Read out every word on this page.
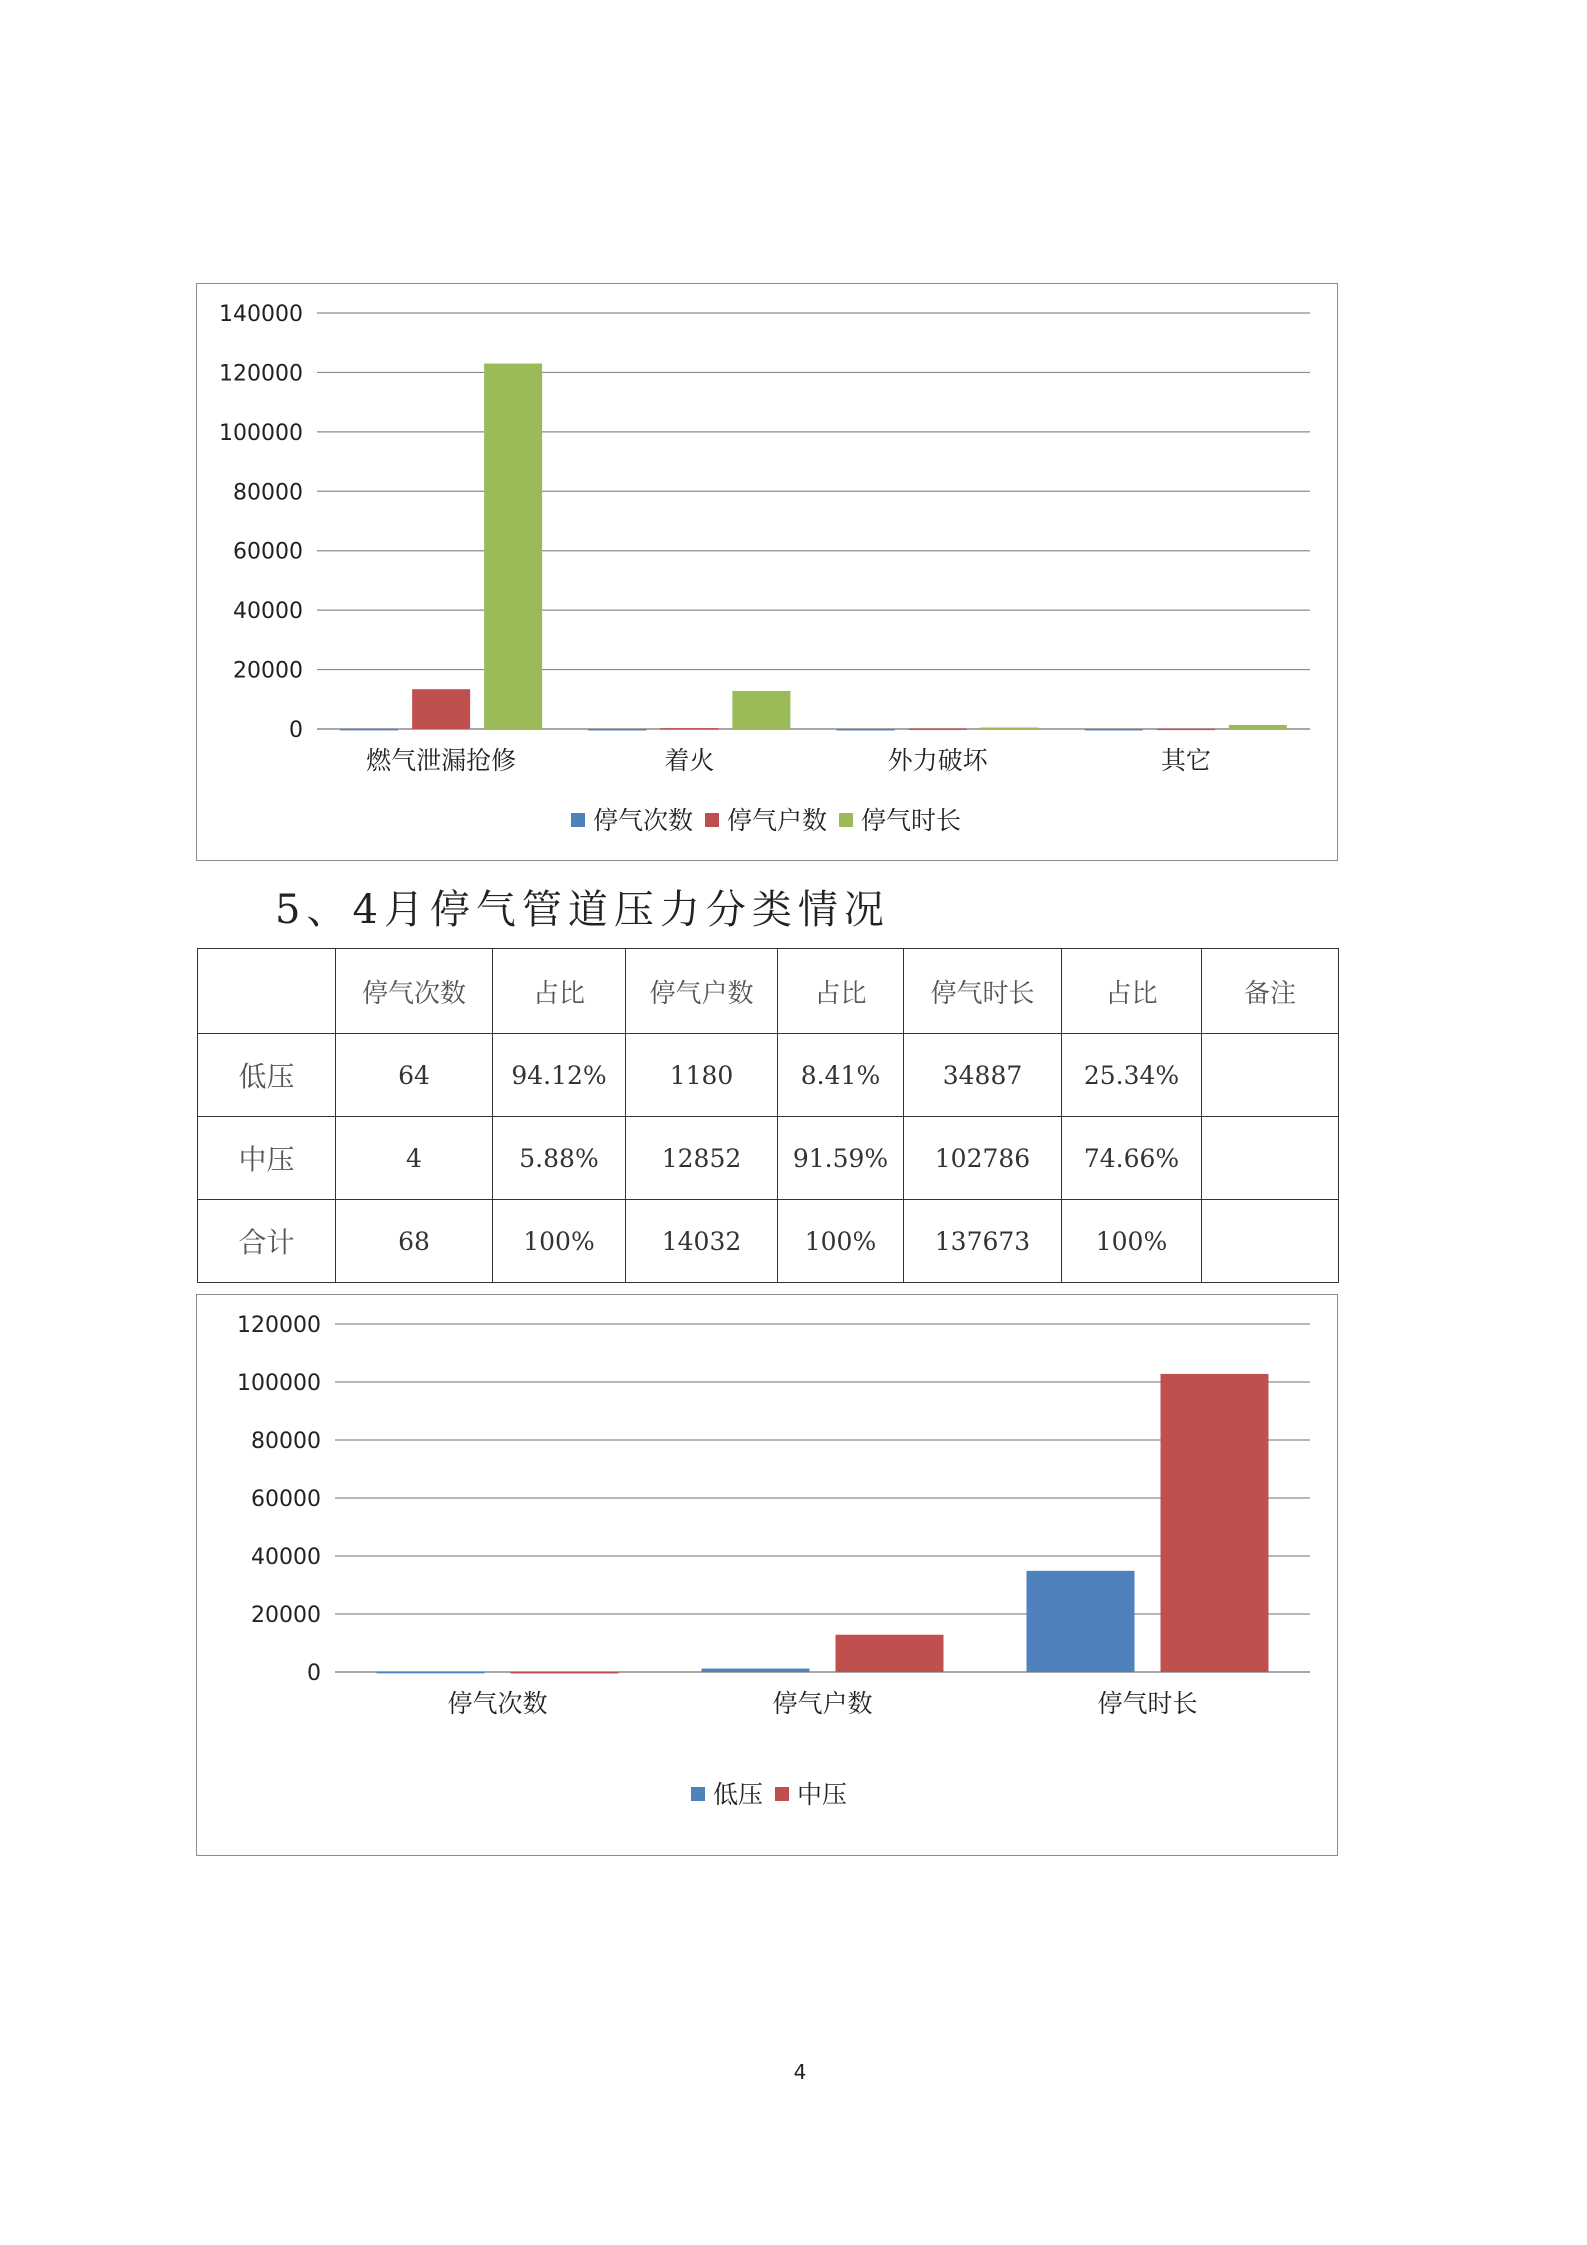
0
20000
40000
60000
80000
100000
120000
140000
燃气泄漏抢修	着火	外力破坏	其它
停气次数 停气户数 停气时长
5、4月停气管道压力分类情况
	停气次数	占比	停气户数	占比	停气时长	占比	备注
低压	64	94.12%	1180	8.41%	34887	25.34%	
中压	4	5.88%	12852	91.59%	102786	74.66%	
合计	68	100%	14032	100%	137673	100%	
0
20000
40000
60000
80000
100000
120000
停气次数	停气户数	停气时长
低压 中压
4
